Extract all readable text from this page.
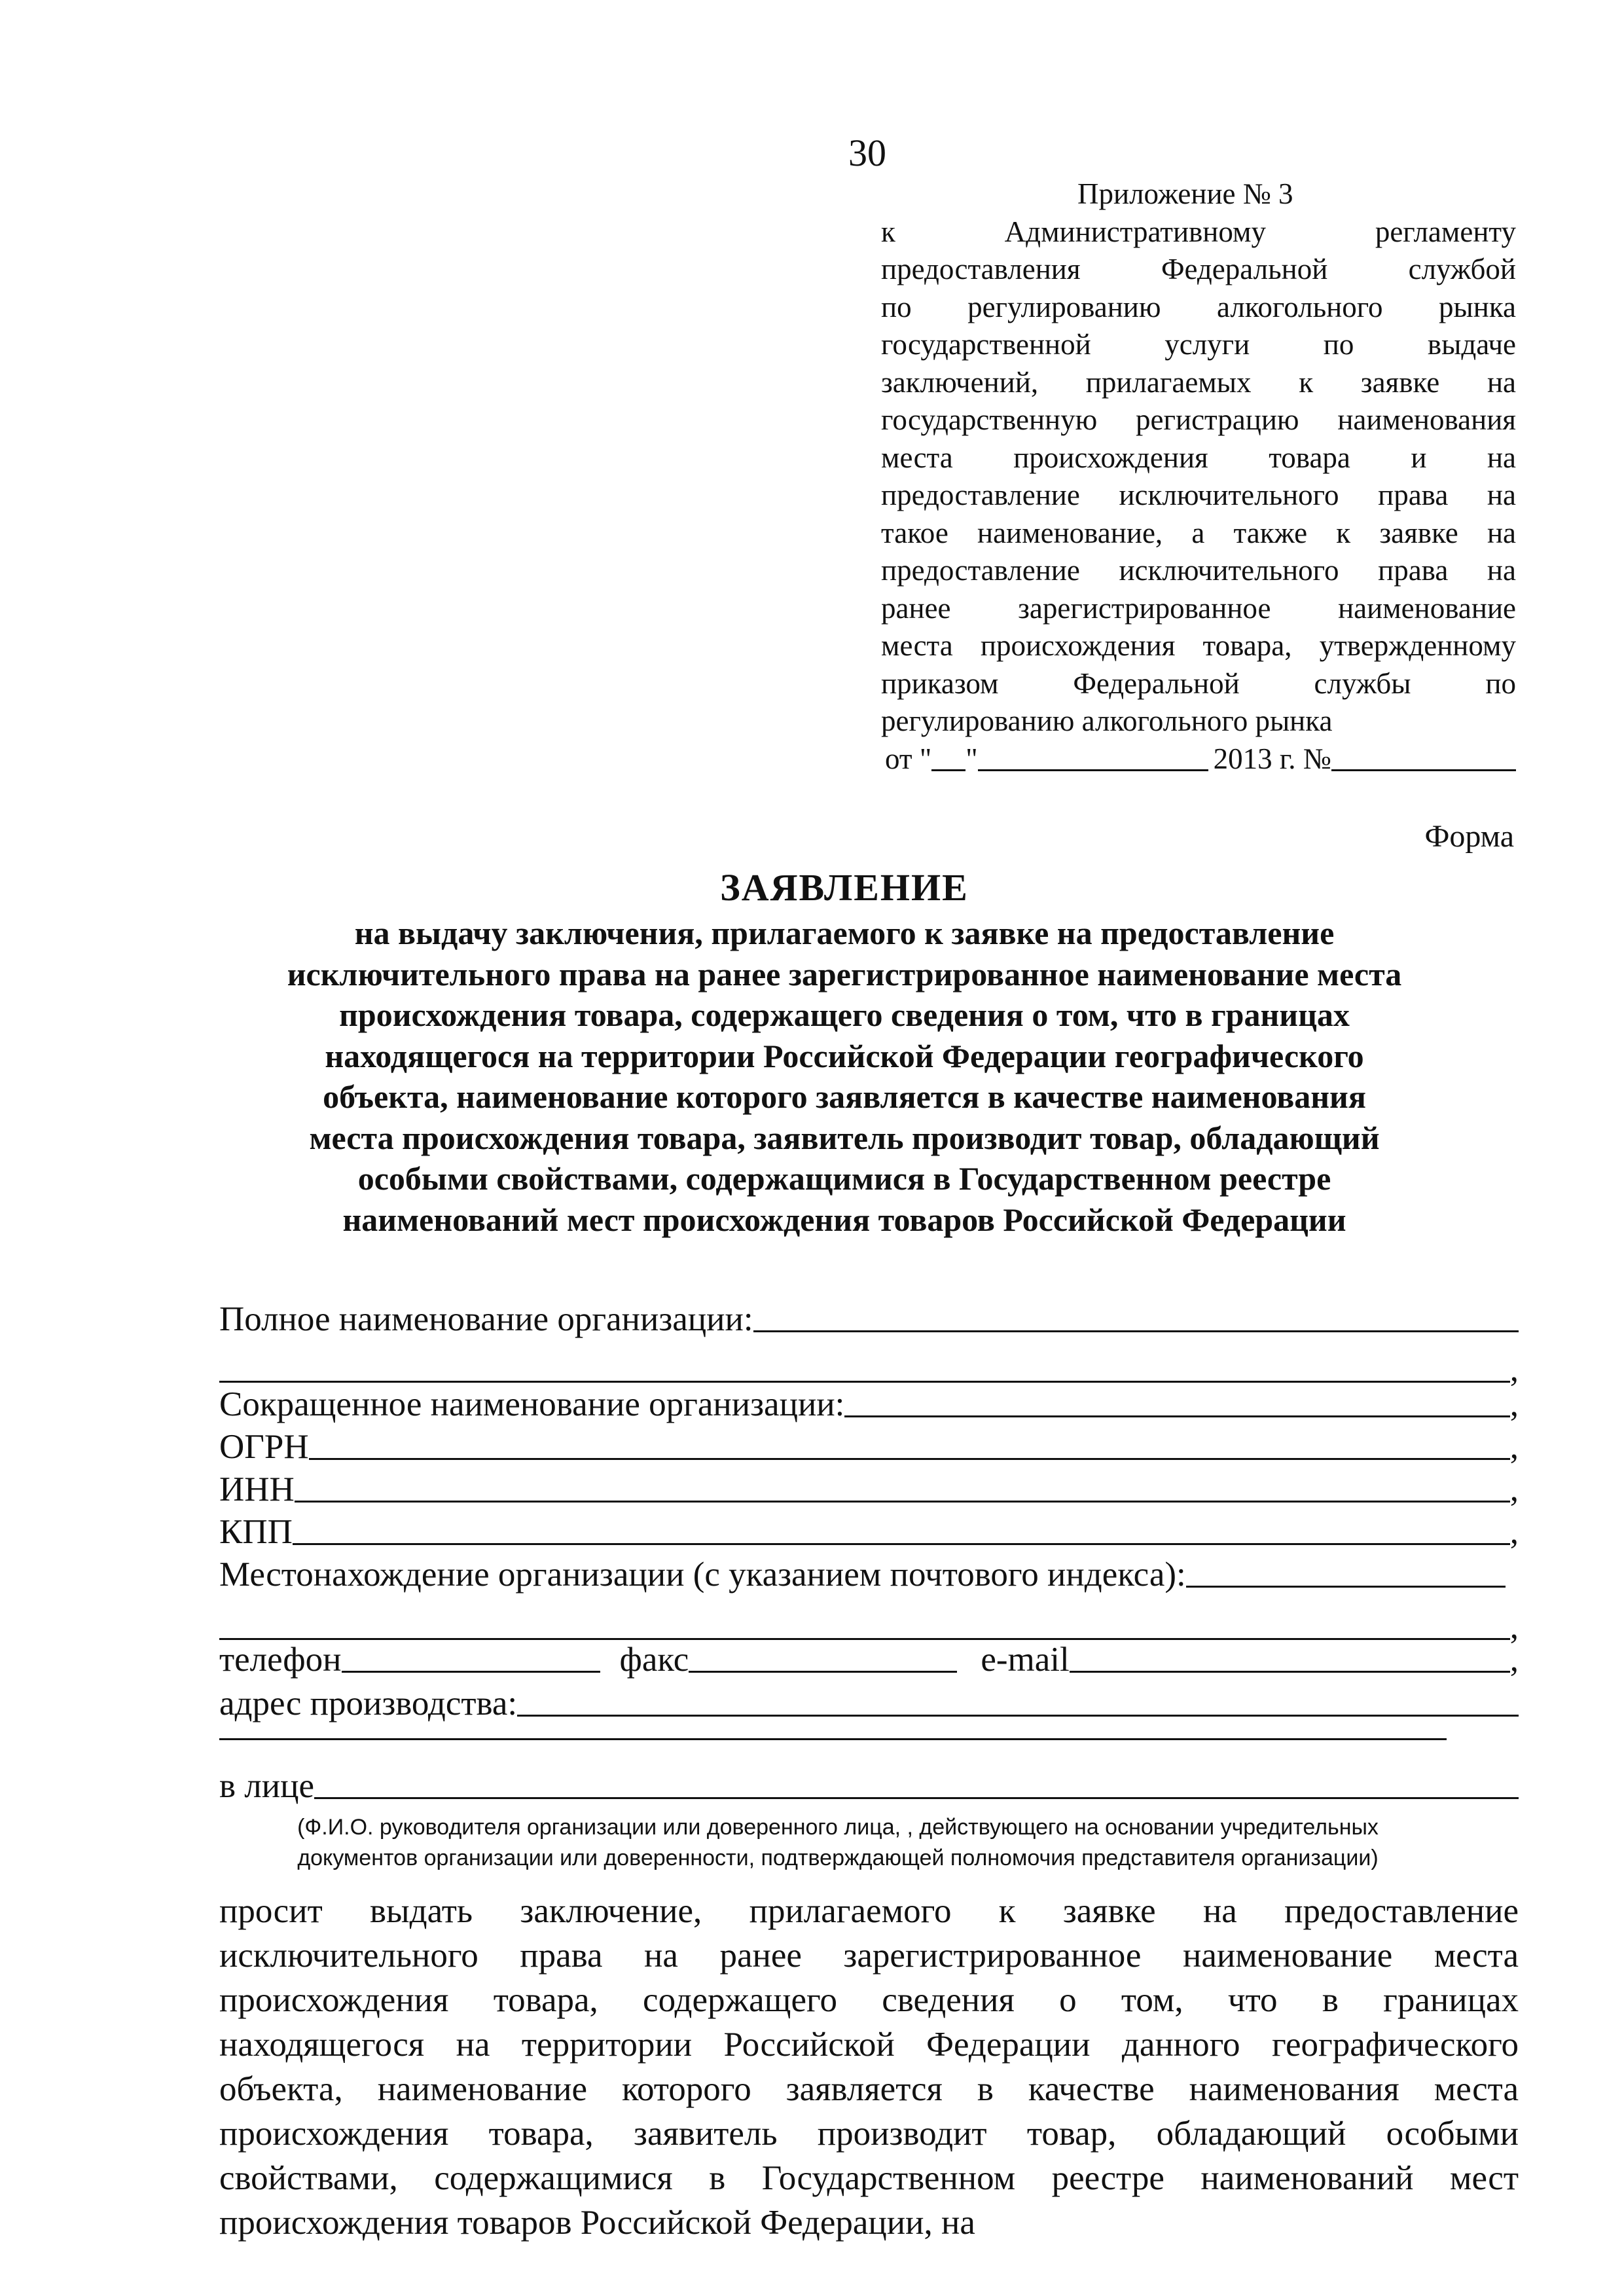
30
Приложение № 3
к Административному регламенту
предоставления Федеральной службой
по регулированию алкогольного рынка
государственной услуги по выдаче
заключений, прилагаемых к заявке на
государственную регистрацию наименования
места происхождения товара и на
предоставление исключительного права на
такое наименование, а также к заявке на
предоставление исключительного права на
ранее зарегистрированное наименование
места происхождения товара, утвержденному
приказом Федеральной службы по
регулированию алкогольного рынка
от " "	2013 г. №
Форма
ЗАЯВЛЕНИЕ
на выдачу заключения, прилагаемого к заявке на предоставление
исключительного права на ранее зарегистрированное наименование места
происхождения товара, содержащего сведения о том, что в границах
находящегося на территории Российской Федерации географического
объекта, наименование которого заявляется в качестве наименования
места происхождения товара, заявитель производит товар, обладающий
особыми свойствами, содержащимися в Государственном реестре
наименований мест происхождения товаров Российской Федерации
Полное наименование организации:
,
Сокращенное наименование организации:	,
ОГРН	,
ИНН	,
КПП	,
Местонахождение организации (с указанием почтового индекса):
,
телефон	факс	e-mail	,
адрес производства:
в лице
(Ф.И.О. руководителя организации или доверенного лица, , действующего на основании учредительных
документов организации или доверенности, подтверждающей полномочия представителя организации)
просит выдать заключение, прилагаемого к заявке на предоставление
исключительного права на ранее зарегистрированное наименование места
происхождения товара, содержащего сведения о том, что в границах
находящегося на территории Российской Федерации данного географического
объекта, наименование которого заявляется в качестве наименования места
происхождения товара, заявитель производит товар, обладающий особыми
свойствами, содержащимися в Государственном реестре наименований мест
происхождения товаров Российской Федерации, на
